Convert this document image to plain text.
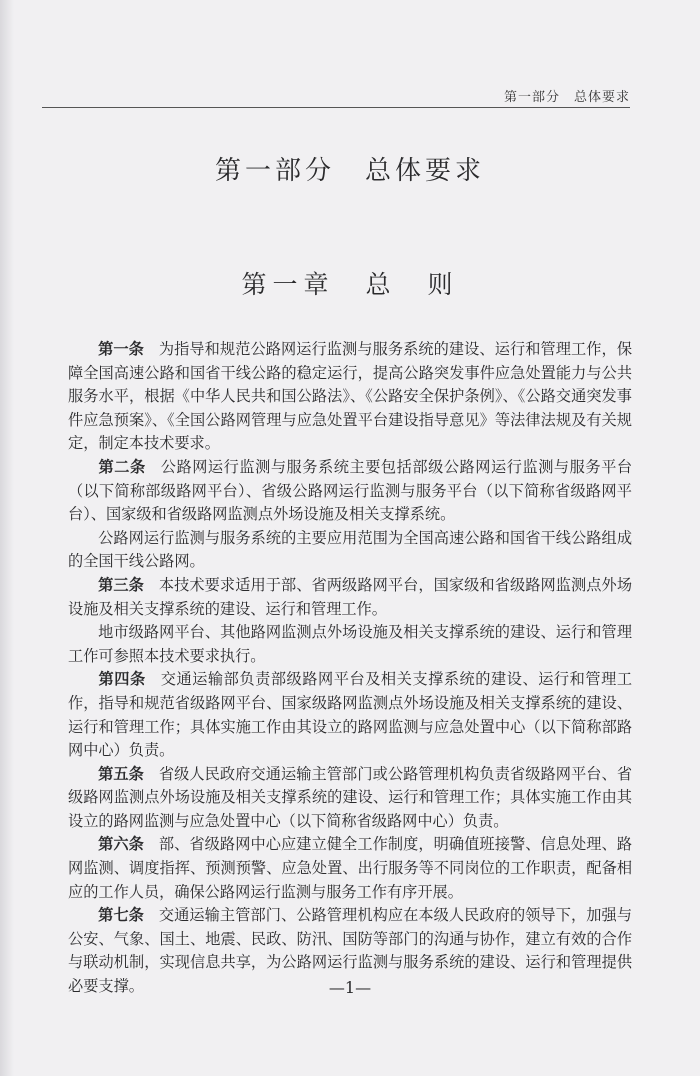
第一部分　总体要求
第一部分　总体要求
第一章　总　则

第一条 为指导和规范公路网运行监测与服务系统的建设、运行和管理工作，保障全国高速公路和国省干线公路的稳定运行，提高公路突发事件应急处置能力与公共服务水平，根据《中华人民共和国公路法》、《公路安全保护条例》、《公路交通突发事件应急预案》、《全国公路网管理与应急处置平台建设指导意见》等法律法规及有关规定，制定本技术要求。

第二条 公路网运行监测与服务系统主要包括部级公路网运行监测与服务平台（以下简称部级路网平台）、省级公路网运行监测与服务平台（以下简称省级路网平台）、国家级和省级路网监测点外场设施及相关支撑系统。

公路网运行监测与服务系统的主要应用范围为全国高速公路和国省干线公路组成的全国干线公路网。

第三条 本技术要求适用于部、省两级路网平台，国家级和省级路网监测点外场设施及相关支撑系统的建设、运行和管理工作。

地市级路网平台、其他路网监测点外场设施及相关支撑系统的建设、运行和管理工作可参照本技术要求执行。

第四条 交通运输部负责部级路网平台及相关支撑系统的建设、运行和管理工作，指导和规范省级路网平台、国家级路网监测点外场设施及相关支撑系统的建设、运行和管理工作；具体实施工作由其设立的路网监测与应急处置中心（以下简称部路网中心）负责。

第五条 省级人民政府交通运输主管部门或公路管理机构负责省级路网平台、省级路网监测点外场设施及相关支撑系统的建设、运行和管理工作；具体实施工作由其设立的路网监测与应急处置中心（以下简称省级路网中心）负责。

第六条 部、省级路网中心应建立健全工作制度，明确值班接警、信息处理、路网监测、调度指挥、预测预警、应急处置、出行服务等不同岗位的工作职责，配备相应的工作人员，确保公路网运行监测与服务工作有序开展。

第七条 交通运输主管部门、公路管理机构应在本级人民政府的领导下，加强与公安、气象、国土、地震、民政、防汛、国防等部门的沟通与协作，建立有效的合作与联动机制，实现信息共享，为公路网运行监测与服务系统的建设、运行和管理提供必要支撑。	—1—
